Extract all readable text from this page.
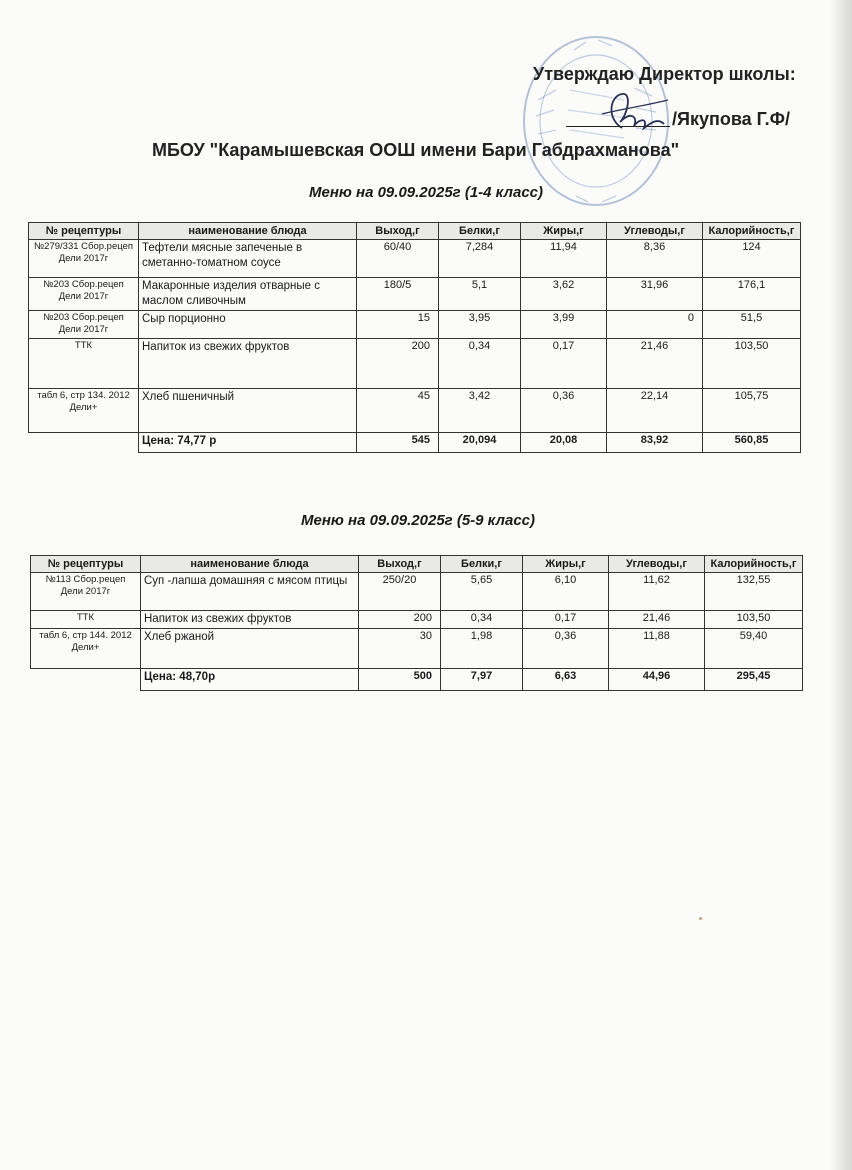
Утверждаю Директор школы:
/Якупова Г.Ф/
МБОУ "Карамышевская ООШ имени Бари Габдрахманова"
Меню на 09.09.2025г (1-4 класс)
№ рецептуры	наименование блюда	Выход,г	Белки,г	Жиры,г	Углеводы,г	Калорийность,г
№279/331 Сбор.рецеп Дели 2017г	Тефтели мясные запеченые в сметанно-томатном соусе	60/40	7,284	11,94	8,36	124
№203 Сбор.рецеп Дели 2017г	Макаронные изделия отварные с маслом сливочным	180/5	5,1	3,62	31,96	176,1
№203 Сбор.рецеп Дели 2017г	Сыр порционно	15	3,95	3,99	0	51,5
ТТК	Напиток из свежих фруктов	200	0,34	0,17	21,46	103,50
табл 6, стр 134. 2012 Дели+	Хлеб пшеничный	45	3,42	0,36	22,14	105,75
	Цена: 74,77 р	545	20,094	20,08	83,92	560,85
Меню на 09.09.2025г (5-9 класс)
№ рецептуры	наименование блюда	Выход,г	Белки,г	Жиры,г	Углеводы,г	Калорийность,г
№113 Сбор.рецеп Дели 2017г	Суп -лапша домашняя с мясом птицы	250/20	5,65	6,10	11,62	132,55
ТТК	Напиток из свежих фруктов	200	0,34	0,17	21,46	103,50
табл 6, стр 144. 2012 Дели+	Хлеб ржаной	30	1,98	0,36	11,88	59,40
	Цена: 48,70р	500	7,97	6,63	44,96	295,45
